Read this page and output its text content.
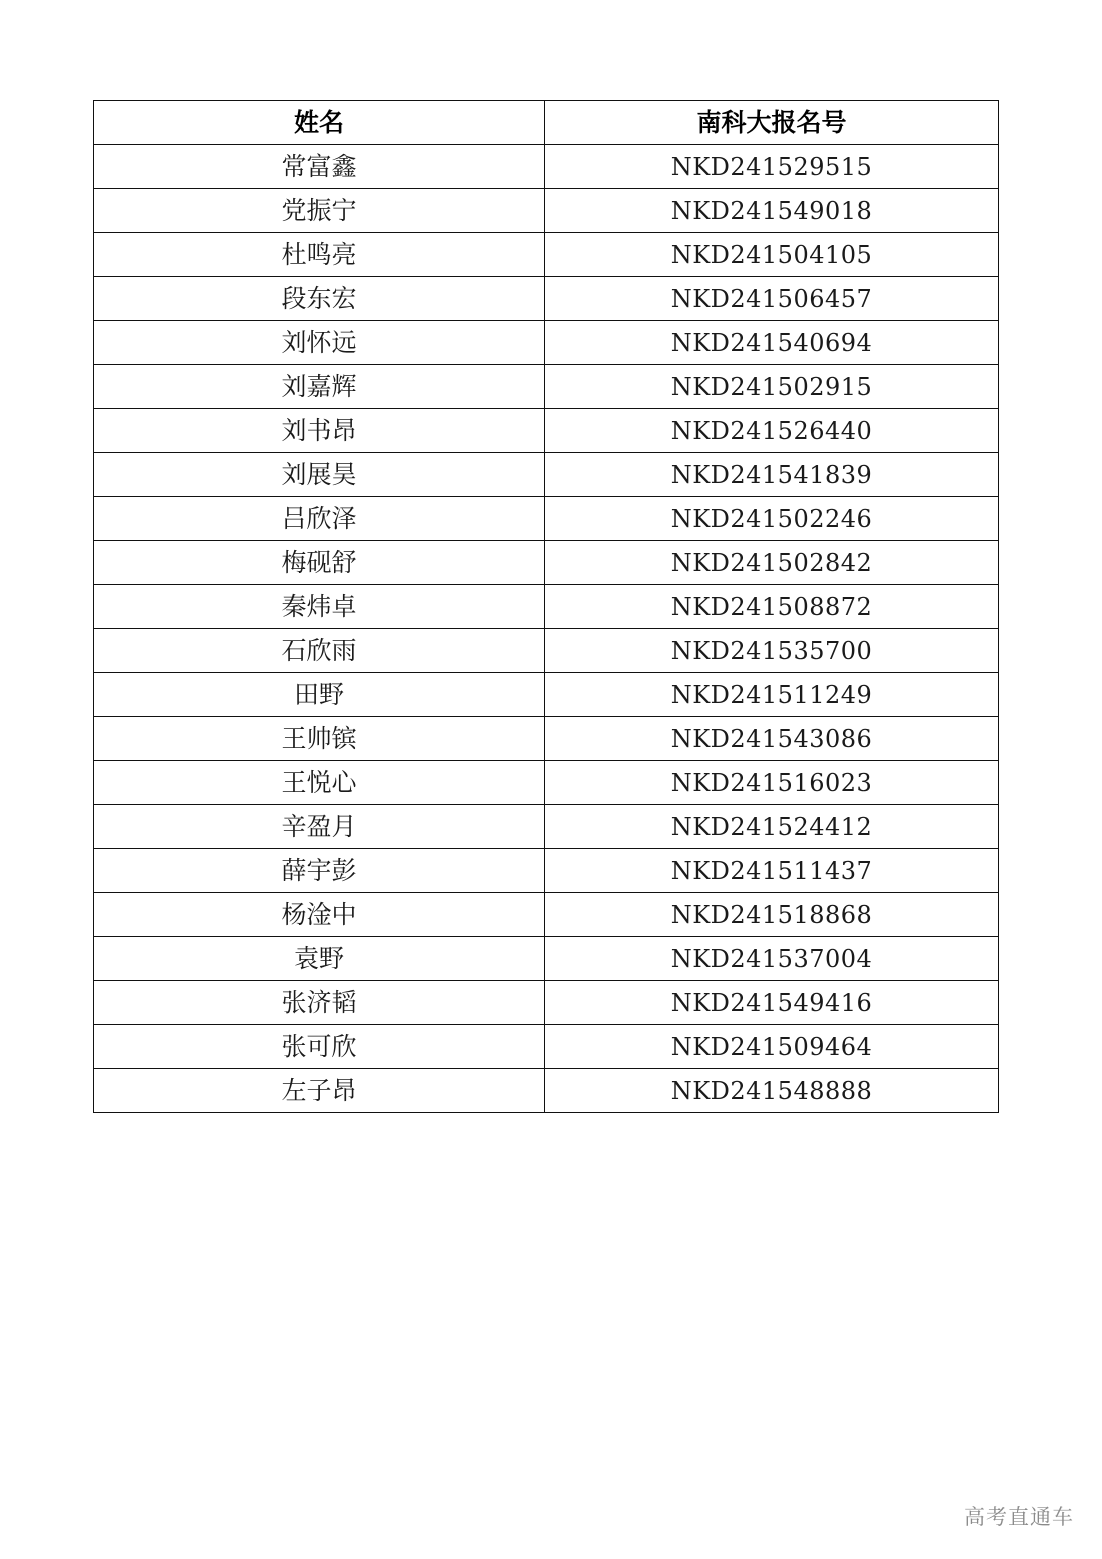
姓名	南科大报名号
常富鑫	NKD241529515
党振宁	NKD241549018
杜鸣亮	NKD241504105
段东宏	NKD241506457
刘怀远	NKD241540694
刘嘉辉	NKD241502915
刘书昂	NKD241526440
刘展昊	NKD241541839
吕欣泽	NKD241502246
梅砚舒	NKD241502842
秦炜卓	NKD241508872
石欣雨	NKD241535700
田野	NKD241511249
王帅镔	NKD241543086
王悦心	NKD241516023
辛盈月	NKD241524412
薛宇彭	NKD241511437
杨淦中	NKD241518868
袁野	NKD241537004
张济韬	NKD241549416
张可欣	NKD241509464
左子昂	NKD241548888
高考直通车
